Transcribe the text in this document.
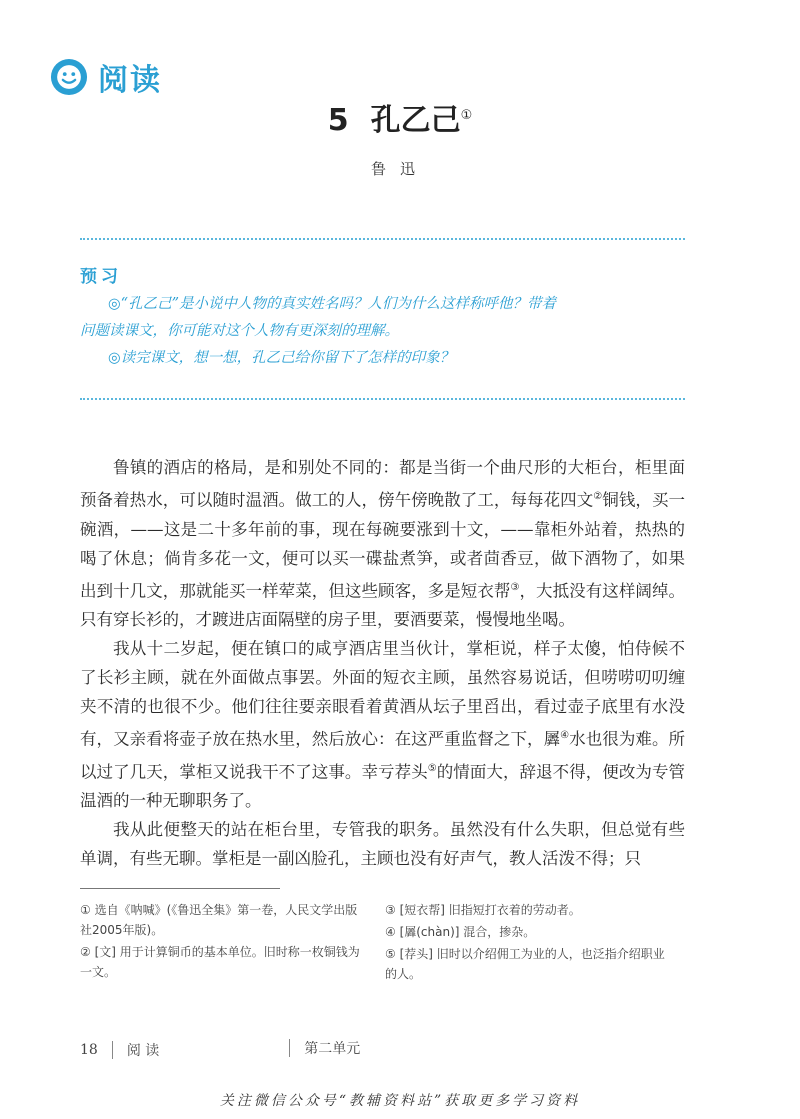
阅读
5 孔乙己①
鲁迅
预习
◎“孔乙己”是小说中人物的真实姓名吗？人们为什么这样称呼他？带着
问题读课文，你可能对这个人物有更深刻的理解。
◎读完课文，想一想，孔乙己给你留下了怎样的印象？

鲁镇的酒店的格局，是和别处不同的：都是当街一个曲尺形的大柜台，柜里面预备着热水，可以随时温酒。做工的人，傍午傍晚散了工，每每花四文②铜钱，买一碗酒，——这是二十多年前的事，现在每碗要涨到十文，——靠柜外站着，热热的喝了休息；倘肯多花一文，便可以买一碟盐煮笋，或者茴香豆，做下酒物了，如果出到十几文，那就能买一样荤菜，但这些顾客，多是短衣帮③，大抵没有这样阔绰。只有穿长衫的，才踱进店面隔壁的房子里，要酒要菜，慢慢地坐喝。

我从十二岁起，便在镇口的咸亨酒店里当伙计，掌柜说，样子太傻，怕侍候不了长衫主顾，就在外面做点事罢。外面的短衣主顾，虽然容易说话，但唠唠叨叨缠夹不清的也很不少。他们往往要亲眼看着黄酒从坛子里舀出，看过壶子底里有水没有，又亲看将壶子放在热水里，然后放心：在这严重监督之下，羼④水也很为难。所以过了几天，掌柜又说我干不了这事。幸亏荐头⑤的情面大，辞退不得，便改为专管温酒的一种无聊职务了。

我从此便整天的站在柜台里，专管我的职务。虽然没有什么失职，但总觉有些单调，有些无聊。掌柜是一副凶脸孔，主顾也没有好声气，教人活泼不得；只

① 选自《呐喊》(《鲁迅全集》第一卷，人民文学出版社2005年版)。
② [文] 用于计算铜币的基本单位。旧时称一枚铜钱为一文。
③ [短衣帮] 旧指短打衣着的劳动者。
④ [羼(chàn)] 混合，掺杂。
⑤ [荐头] 旧时以介绍佣工为业的人，也泛指介绍职业的人。
18 阅 读	第二单元
关注微信公众号“教辅资料站”获取更多学习资料
